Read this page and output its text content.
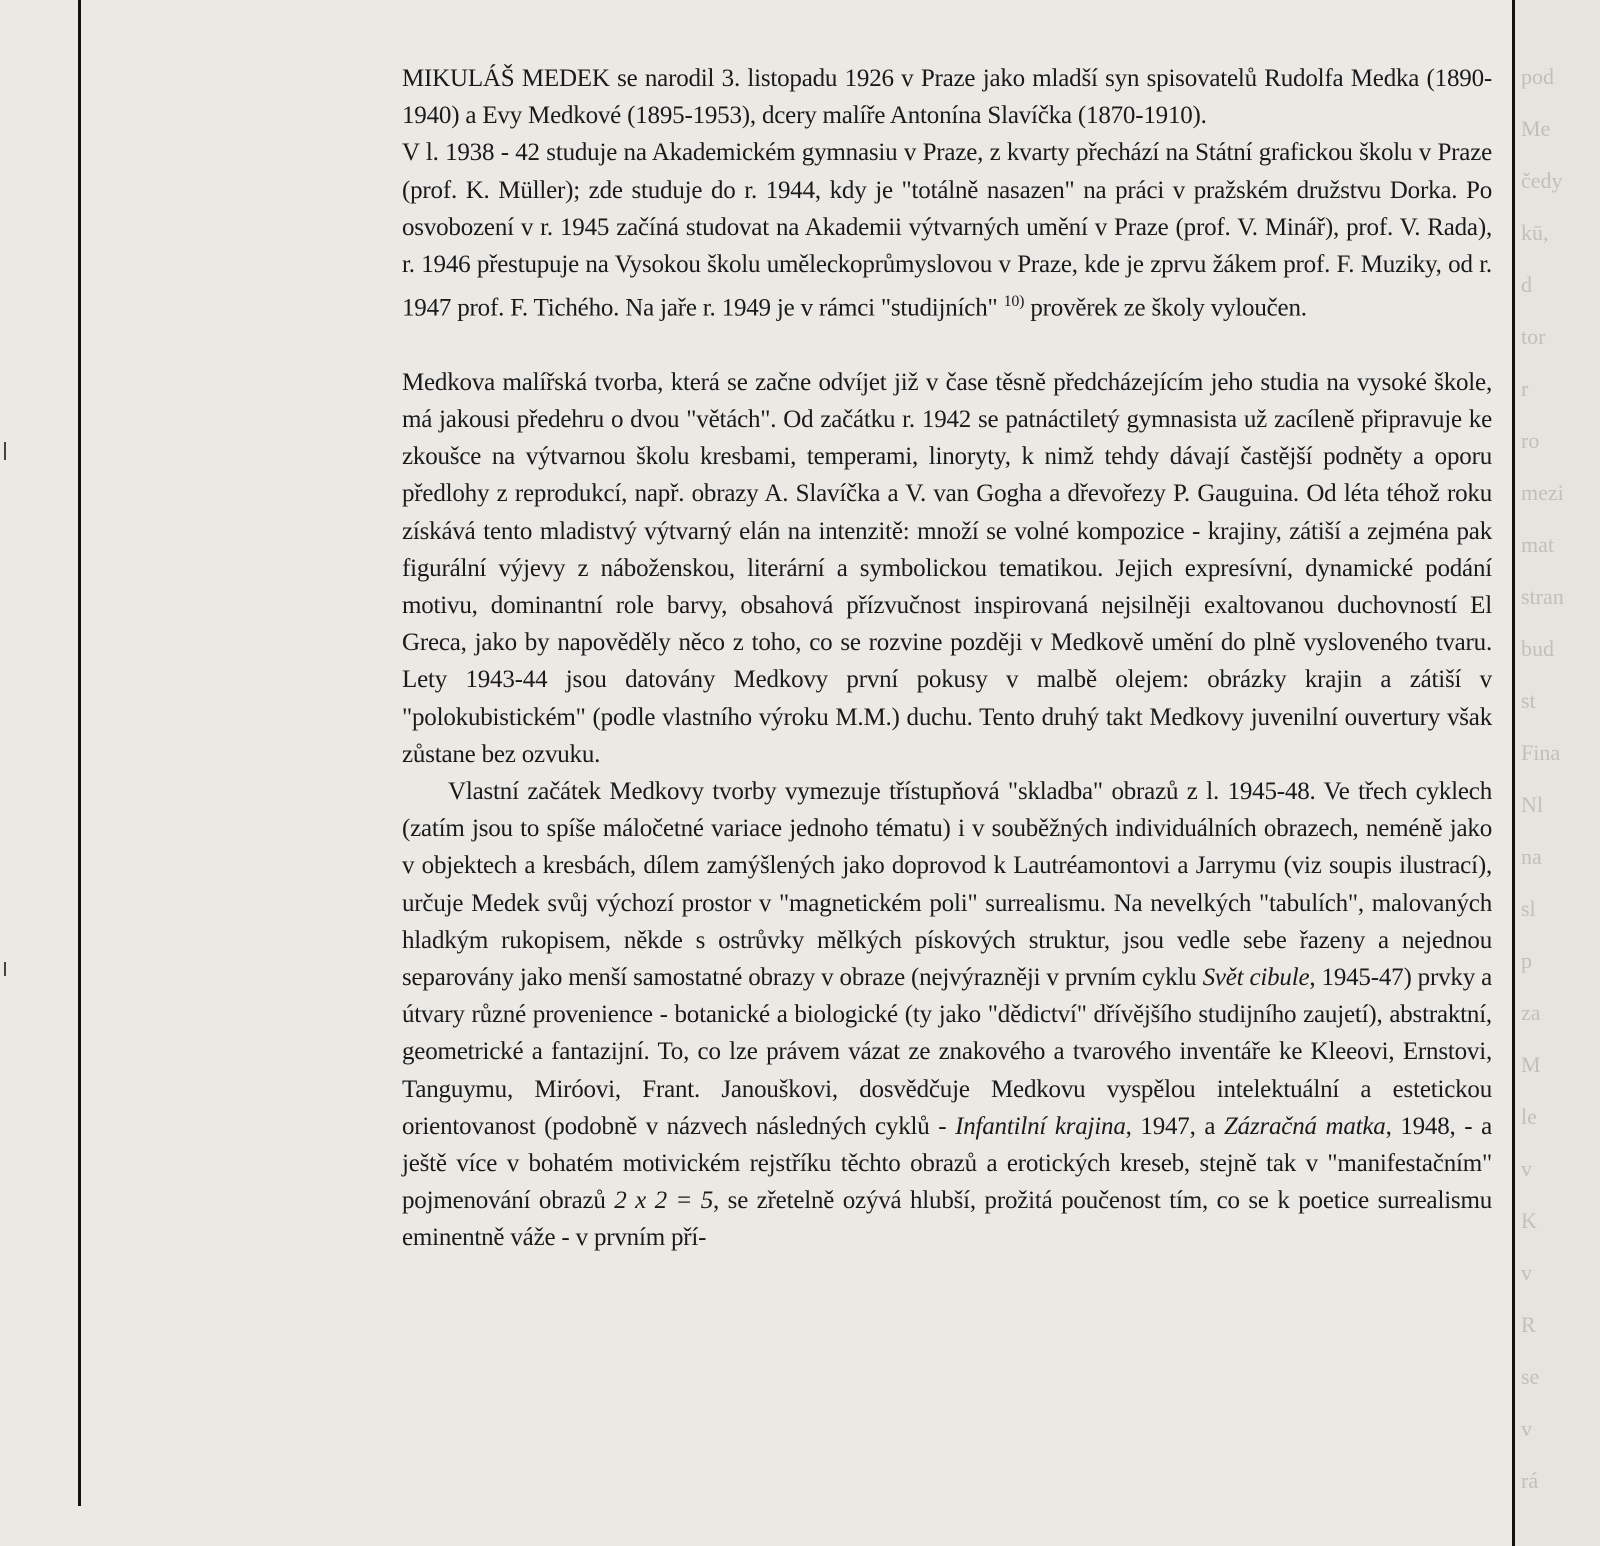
pod
Me
čedy
kū,
d
tor
r
ro
mezi
mat
stran
bud
st
Fina
Nl
na
sl
p
za
M
le
v
K
v
R
se
v
rá

MIKULÁŠ MEDEK se narodil 3. listopadu 1926 v Praze jako mladší syn spisovatelů Rudolfa Medka (1890-1940) a Evy Medkové (1895-1953), dcery malíře Antonína Slavíčka (1870-1910).

V l. 1938 - 42 studuje na Akademickém gymnasiu v Praze, z kvarty přechází na Státní grafickou školu v Praze (prof. K. Müller); zde studuje do r. 1944, kdy je "totálně nasazen" na práci v pražském družstvu Dorka. Po osvobození v r. 1945 začíná studovat na Akademii výtvarných umění v Praze (prof. V. Minář), prof. V. Rada), r. 1946 přestupuje na Vysokou školu uměleckoprůmyslovou v Praze, kde je zprvu žákem prof. F. Muziky, od r. 1947 prof. F. Tichého. Na jaře r. 1949 je v rámci "studijních" $^{10)}$ prověrek ze školy vyloučen.

Medkova malířská tvorba, která se začne odvíjet již v čase těsně předcházejícím jeho studia na vysoké škole, má jakousi předehru o dvou "větách". Od začátku r. 1942 se patnáctiletý gymnasista už zacíleně připravuje ke zkoušce na výtvarnou školu kresbami, temperami, linoryty, k nimž tehdy dávají častější podněty a oporu předlohy z reprodukcí, např. obrazy A. Slavíčka a V. van Gogha a dřevořezy P. Gauguina. Od léta téhož roku získává tento mladistvý výtvarný elán na intenzitě: množí se volné kompozice - krajiny, zátiší a zejména pak figurální výjevy z náboženskou, literární a symbolickou tematikou. Jejich expresívní, dynamické podání motivu, dominantní role barvy, obsahová přízvučnost inspirovaná nejsilněji exaltovanou duchovností El Greca, jako by napověděly něco z toho, co se rozvine později v Medkově umění do plně vysloveného tvaru. Lety 1943-44 jsou datovány Medkovy první pokusy v malbě olejem: obrázky krajin a zátiší v "polokubistickém" (podle vlastního výroku M.M.) duchu. Tento druhý takt Medkovy juvenilní ouvertury však zůstane bez ozvuku.

Vlastní začátek Medkovy tvorby vymezuje třístupňová "skladba" obrazů z l. 1945-48. Ve třech cyklech (zatím jsou to spíše máločetné variace jednoho tématu) i v souběžných individuálních obrazech, neméně jako v objektech a kresbách, dílem zamýšlených jako doprovod k Lautréamontovi a Jarrymu (viz soupis ilustrací), určuje Medek svůj výchozí prostor v "magnetickém poli" surrealismu. Na nevelkých "tabulích", malovaných hladkým rukopisem, někde s ostrůvky mělkých pískových struktur, jsou vedle sebe řazeny a nejednou separovány jako menší samostatné obrazy v obraze (nejvýrazněji v prvním cyklu Svět cibule, 1945-47) prvky a útvary různé provenience - botanické a biologické (ty jako "dědictví" dřívějšího studijního zaujetí), abstraktní, geometrické a fantazijní. To, co lze právem vázat ze znakového a tvarového inventáře ke Kleeovi, Ernstovi, Tanguymu, Miróovi, Frant. Janouškovi, dosvědčuje Medkovu vyspělou intelektuální a estetickou orientovanost (podobně v názvech následných cyklů - Infantilní krajina, 1947, a Zázračná matka, 1948, - a ještě více v bohatém motivickém rejstříku těchto obrazů a erotických kreseb, stejně tak v "manifestačním" pojmenování obrazů 2 x 2 = 5, se zřetelně ozývá hlubší, prožitá poučenost tím, co se k poetice surrealismu eminentně váže - v prvním pří-
